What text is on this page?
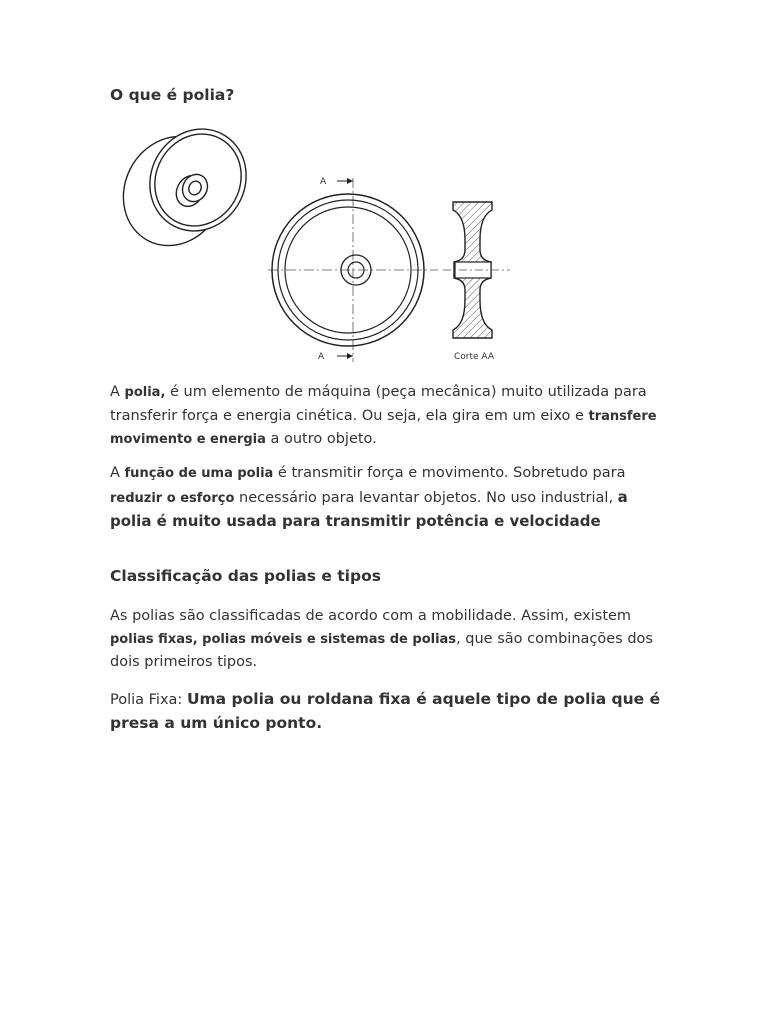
O que é polia?
A
A	Corte AA

A polia, é um elemento de máquina (peça mecânica) muito utilizada para transferir força e energia cinética. Ou seja, ela gira em um eixo e transfere movimento e energia a outro objeto.

A função de uma polia é transmitir força e movimento. Sobretudo para reduzir o esforço necessário para levantar objetos. No uso industrial, a polia é muito usada para transmitir potência e velocidade

Classificação das polias e tipos

As polias são classificadas de acordo com a mobilidade. Assim, existem polias fixas, polias móveis e sistemas de polias, que são combinações dos dois primeiros tipos.

Polia Fixa: Uma polia ou roldana fixa é aquele tipo de polia que é presa a um único ponto.
